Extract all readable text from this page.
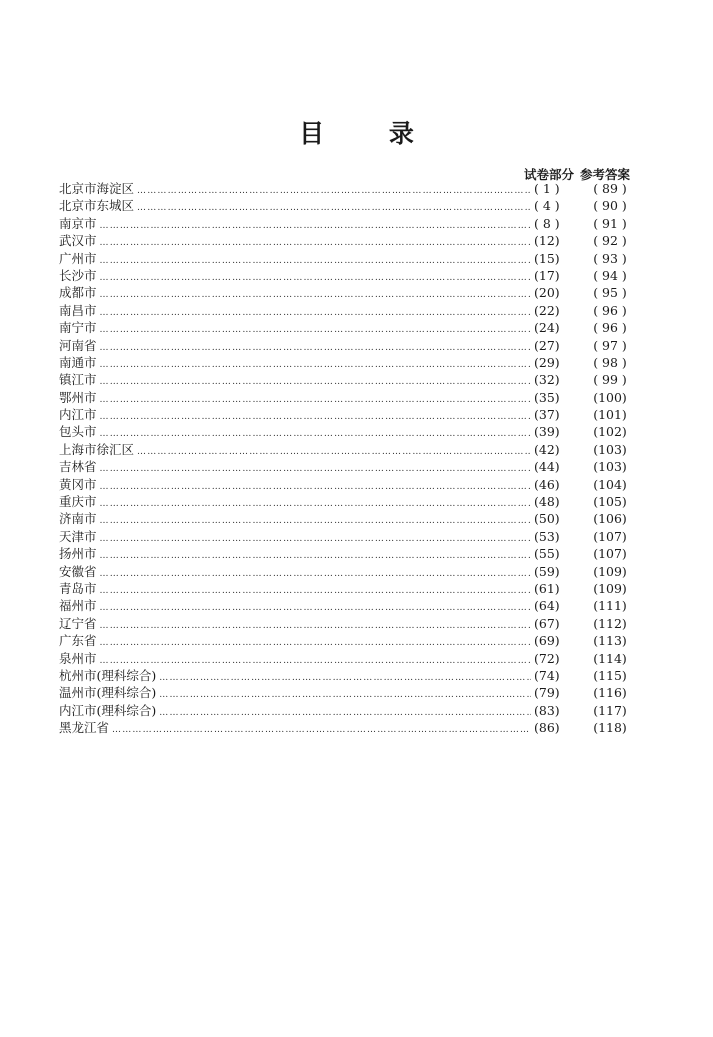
目 录
试卷部分 参考答案
北京市海淀区 ……………………………………………………………………………………………………………………………………………………	( 1 )	( 89 )
北京市东城区 ……………………………………………………………………………………………………………………………………………………	( 4 )	( 90 )
南京市 ……………………………………………………………………………………………………………………………………………………	( 8 )	( 91 )
武汉市 ……………………………………………………………………………………………………………………………………………………	(12)	( 92 )
广州市 ……………………………………………………………………………………………………………………………………………………	(15)	( 93 )
长沙市 ……………………………………………………………………………………………………………………………………………………	(17)	( 94 )
成都市 ……………………………………………………………………………………………………………………………………………………	(20)	( 95 )
南昌市 ……………………………………………………………………………………………………………………………………………………	(22)	( 96 )
南宁市 ……………………………………………………………………………………………………………………………………………………	(24)	( 96 )
河南省 ……………………………………………………………………………………………………………………………………………………	(27)	( 97 )
南通市 ……………………………………………………………………………………………………………………………………………………	(29)	( 98 )
镇江市 ……………………………………………………………………………………………………………………………………………………	(32)	( 99 )
鄂州市 ……………………………………………………………………………………………………………………………………………………	(35)	(100)
内江市 ……………………………………………………………………………………………………………………………………………………	(37)	(101)
包头市 ……………………………………………………………………………………………………………………………………………………	(39)	(102)
上海市徐汇区 ……………………………………………………………………………………………………………………………………………………	(42)	(103)
吉林省 ……………………………………………………………………………………………………………………………………………………	(44)	(103)
黄冈市 ……………………………………………………………………………………………………………………………………………………	(46)	(104)
重庆市 ……………………………………………………………………………………………………………………………………………………	(48)	(105)
济南市 ……………………………………………………………………………………………………………………………………………………	(50)	(106)
天津市 ……………………………………………………………………………………………………………………………………………………	(53)	(107)
扬州市 ……………………………………………………………………………………………………………………………………………………	(55)	(107)
安徽省 ……………………………………………………………………………………………………………………………………………………	(59)	(109)
青岛市 ……………………………………………………………………………………………………………………………………………………	(61)	(109)
福州市 ……………………………………………………………………………………………………………………………………………………	(64)	(111)
辽宁省 ……………………………………………………………………………………………………………………………………………………	(67)	(112)
广东省 ……………………………………………………………………………………………………………………………………………………	(69)	(113)
泉州市 ……………………………………………………………………………………………………………………………………………………	(72)	(114)
杭州市(理科综合) ……………………………………………………………………………………………………………………………………………………	(74)	(115)
温州市(理科综合) ……………………………………………………………………………………………………………………………………………………	(79)	(116)
内江市(理科综合) ……………………………………………………………………………………………………………………………………………………	(83)	(117)
黑龙江省 ……………………………………………………………………………………………………………………………………………………	(86)	(118)
